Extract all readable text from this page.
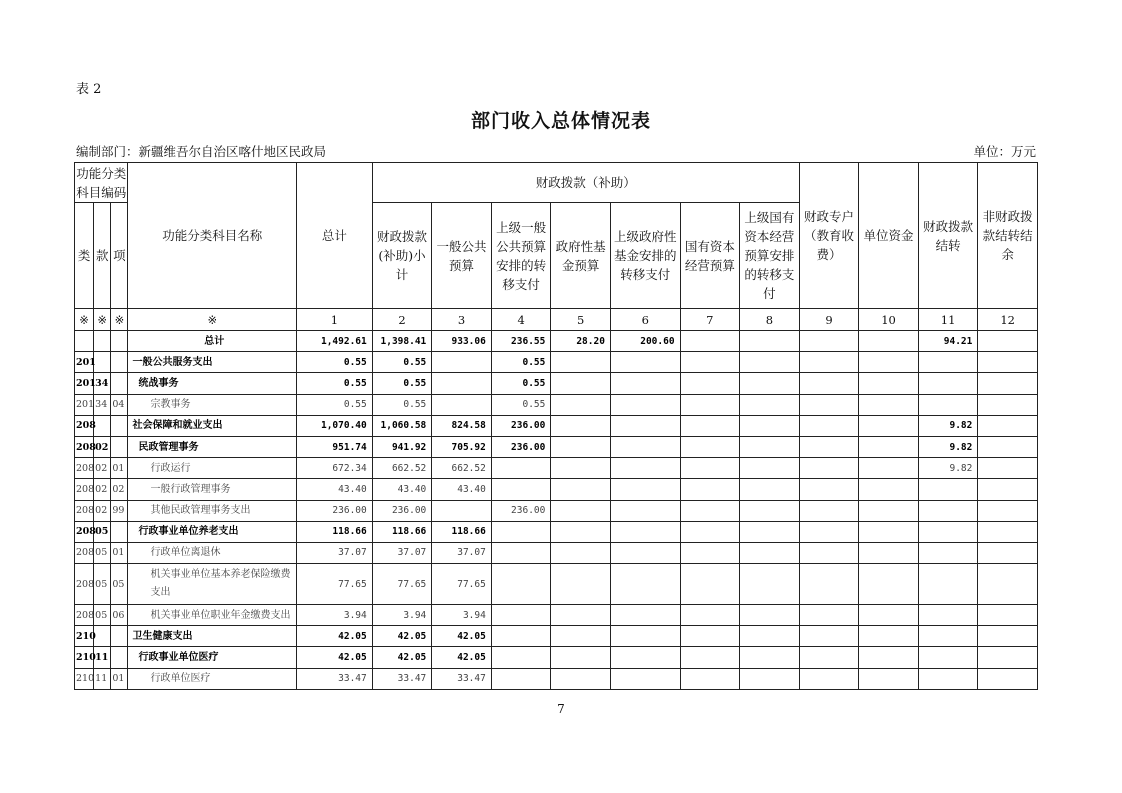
表 2
部门收入总体情况表
编制部门：新疆维吾尔自治区喀什地区民政局	单位：万元
功能分类科目编码			功能分类科目名称	总计	财政拨款（补助）							财政专户（教育收费）	单位资金	财政拨款结转	非财政拨款结转结余
类	款	项			财政拨款(补助)小计	一般公共预算	上级一般公共预算安排的转移支付	政府性基金预算	上级政府性基金安排的转移支付	国有资本经营预算	上级国有资本经营预算安排的转移支付				
※	※	※	※	1	2	3	4	5	6	7	8	9	10	11	12
			总计	1,492.61	1,398.41	933.06	236.55	28.20	200.60					94.21	
201			一般公共服务支出	0.55	0.55		0.55								
201	34		统战事务	0.55	0.55		0.55								
201	34	04	宗教事务	0.55	0.55		0.55								
208			社会保障和就业支出	1,070.40	1,060.58	824.58	236.00							9.82	
208	02		民政管理事务	951.74	941.92	705.92	236.00							9.82	
208	02	01	行政运行	672.34	662.52	662.52								9.82	
208	02	02	一般行政管理事务	43.40	43.40	43.40									
208	02	99	其他民政管理事务支出	236.00	236.00		236.00								
208	05		行政事业单位养老支出	118.66	118.66	118.66									
208	05	01	行政单位离退休	37.07	37.07	37.07									
208	05	05	机关事业单位基本养老保险缴费支出	77.65	77.65	77.65									
208	05	06	机关事业单位职业年金缴费支出	3.94	3.94	3.94									
210			卫生健康支出	42.05	42.05	42.05									
210	11		行政事业单位医疗	42.05	42.05	42.05									
210	11	01	行政单位医疗	33.47	33.47	33.47									
7
